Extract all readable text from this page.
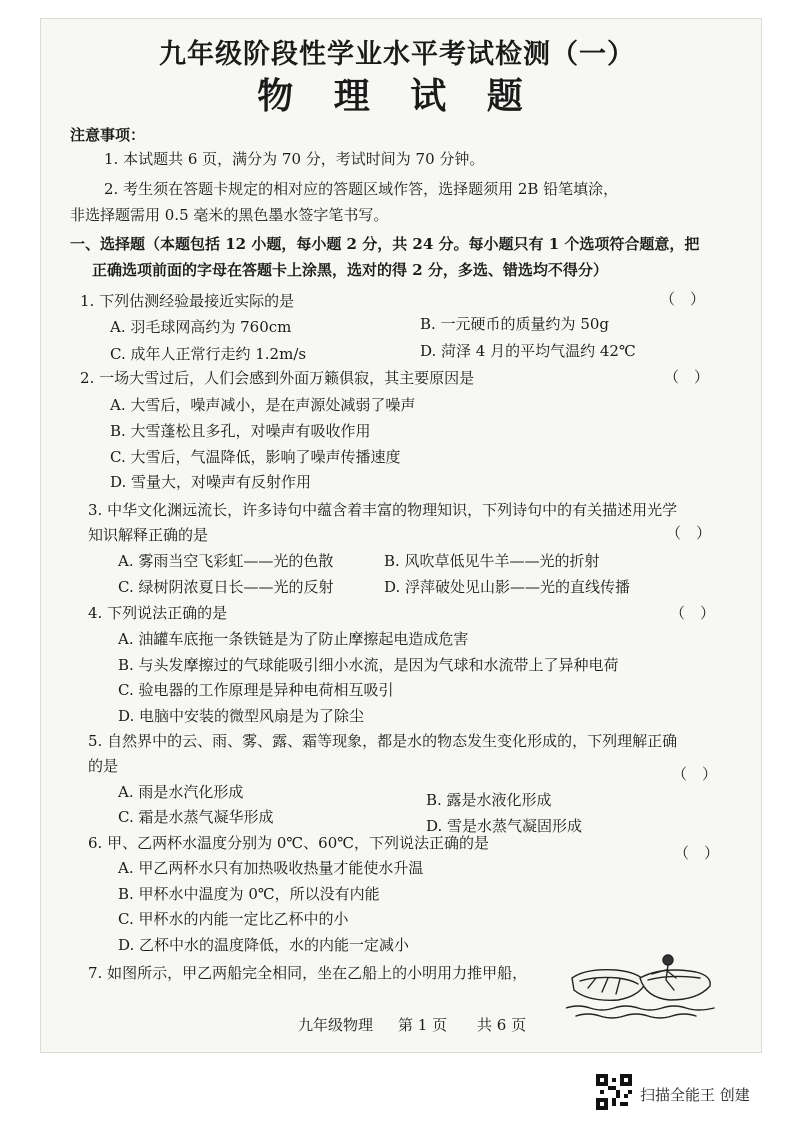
九年级阶段性学业水平考试检测（一）
物 理 试 题
注意事项：
1. 本试题共 6 页，满分为 70 分，考试时间为 70 分钟。
2. 考生须在答题卡规定的相对应的答题区域作答，选择题须用 2B 铅笔填涂，
非选择题需用 0.5 毫米的黑色墨水签字笔书写。
一、选择题（本题包括 12 小题，每小题 2 分，共 24 分。每小题只有 1 个选项符合题意，把
正确选项前面的字母在答题卡上涂黑，选对的得 2 分，多选、错选均不得分）
1. 下列估测经验最接近实际的是	（　）
A. 羽毛球网高约为 760cm	B. 一元硬币的质量约为 50g
C. 成年人正常行走约 1.2m/s	D. 菏泽 4 月的平均气温约 42℃
2. 一场大雪过后，人们会感到外面万籁俱寂，其主要原因是	（　）
A. 大雪后，噪声减小，是在声源处减弱了噪声
B. 大雪蓬松且多孔，对噪声有吸收作用
C. 大雪后，气温降低，影响了噪声传播速度
D. 雪量大，对噪声有反射作用
3. 中华文化渊远流长，许多诗句中蕴含着丰富的物理知识，下列诗句中的有关描述用光学
知识解释正确的是	（　）
A. 雾雨当空飞彩虹——光的色散	B. 风吹草低见牛羊——光的折射
C. 绿树阴浓夏日长——光的反射	D. 浮萍破处见山影——光的直线传播
4. 下列说法正确的是	（　）
A. 油罐车底拖一条铁链是为了防止摩擦起电造成危害
B. 与头发摩擦过的气球能吸引细小水流，是因为气球和水流带上了异种电荷
C. 验电器的工作原理是异种电荷相互吸引
D. 电脑中安装的微型风扇是为了除尘
5. 自然界中的云、雨、雾、露、霜等现象，都是水的物态发生变化形成的，下列理解正确
的是	（　）
A. 雨是水汽化形成	B. 露是水液化形成
C. 霜是水蒸气凝华形成	D. 雪是水蒸气凝固形成
6. 甲、乙两杯水温度分别为 0℃、60℃，下列说法正确的是
（　）
A. 甲乙两杯水只有加热吸收热量才能使水升温
B. 甲杯水中温度为 0℃，所以没有内能
C. 甲杯水的内能一定比乙杯中的小
D. 乙杯中水的温度降低，水的内能一定减小
7. 如图所示，甲乙两船完全相同，坐在乙船上的小明用力推甲船，
九年级物理 第 1 页 共 6 页
扫描全能王 创建
